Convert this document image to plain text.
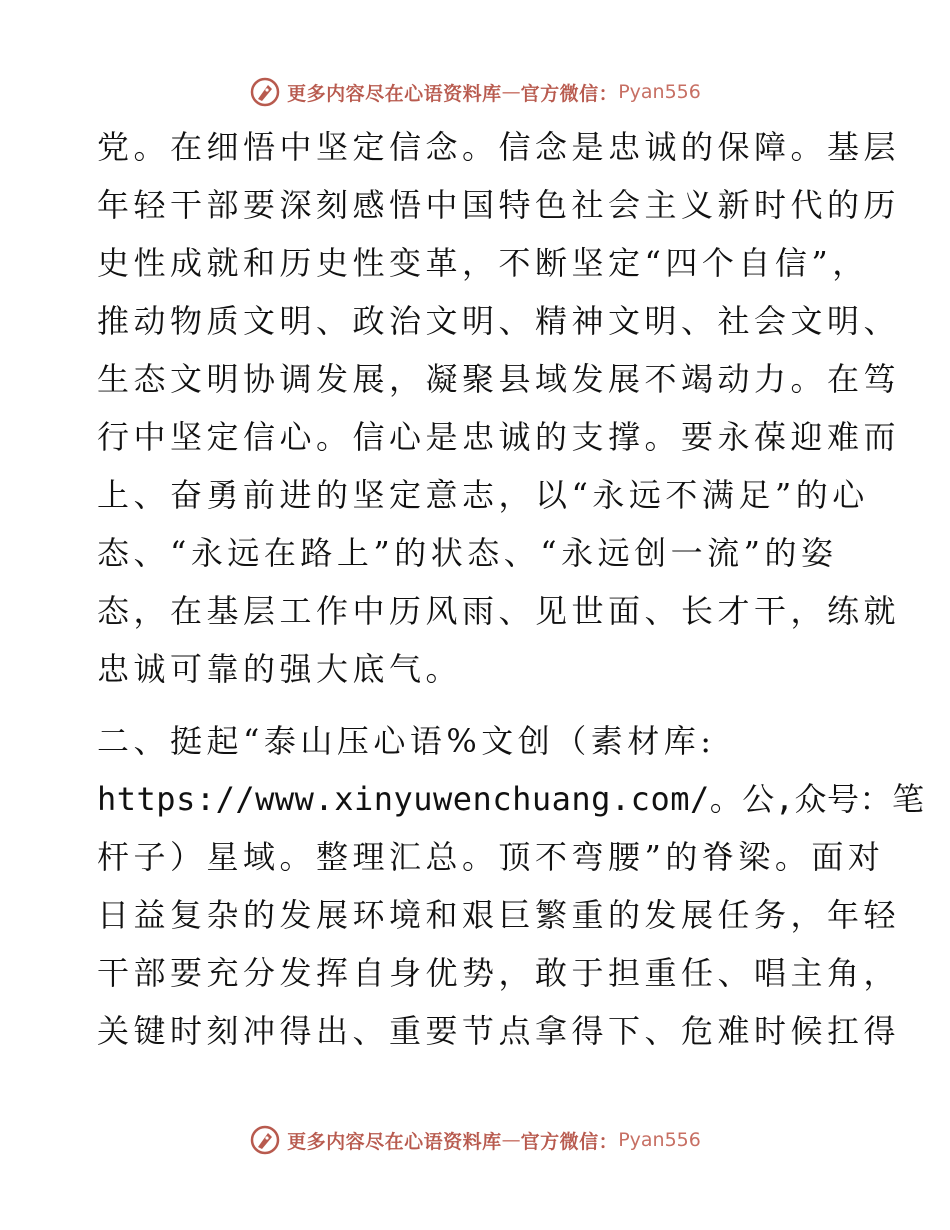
更多内容尽在心语资料库 — 官方微信： Pyan556
党。在细悟中坚定信念。信念是忠诚的保障。基层
年轻干部要深刻感悟中国特色社会主义新时代的历
史性成就和历史性变革，不断坚定“四个自信”，
推动物质文明、政治文明、精神文明、社会文明、
生态文明协调发展，凝聚县域发展不竭动力。在笃
行中坚定信心。信心是忠诚的支撑。要永葆迎难而
上、奋勇前进的坚定意志，以“永远不满足”的心
态、“永远在路上”的状态、“永远创一流”的姿
态，在基层工作中历风雨、见世面、长才干，练就
忠诚可靠的强大底气。
二、挺起“泰山压心语%文创（素材库:
https://www.xinyuwenchuang.com/。公,众号：笔
杆子）星域。整理汇总。顶不弯腰”的脊梁。面对
日益复杂的发展环境和艰巨繁重的发展任务，年轻
干部要充分发挥自身优势，敢于担重任、唱主角，
关键时刻冲得出、重要节点拿得下、危难时候扛得
更多内容尽在心语资料库 — 官方微信： Pyan556
